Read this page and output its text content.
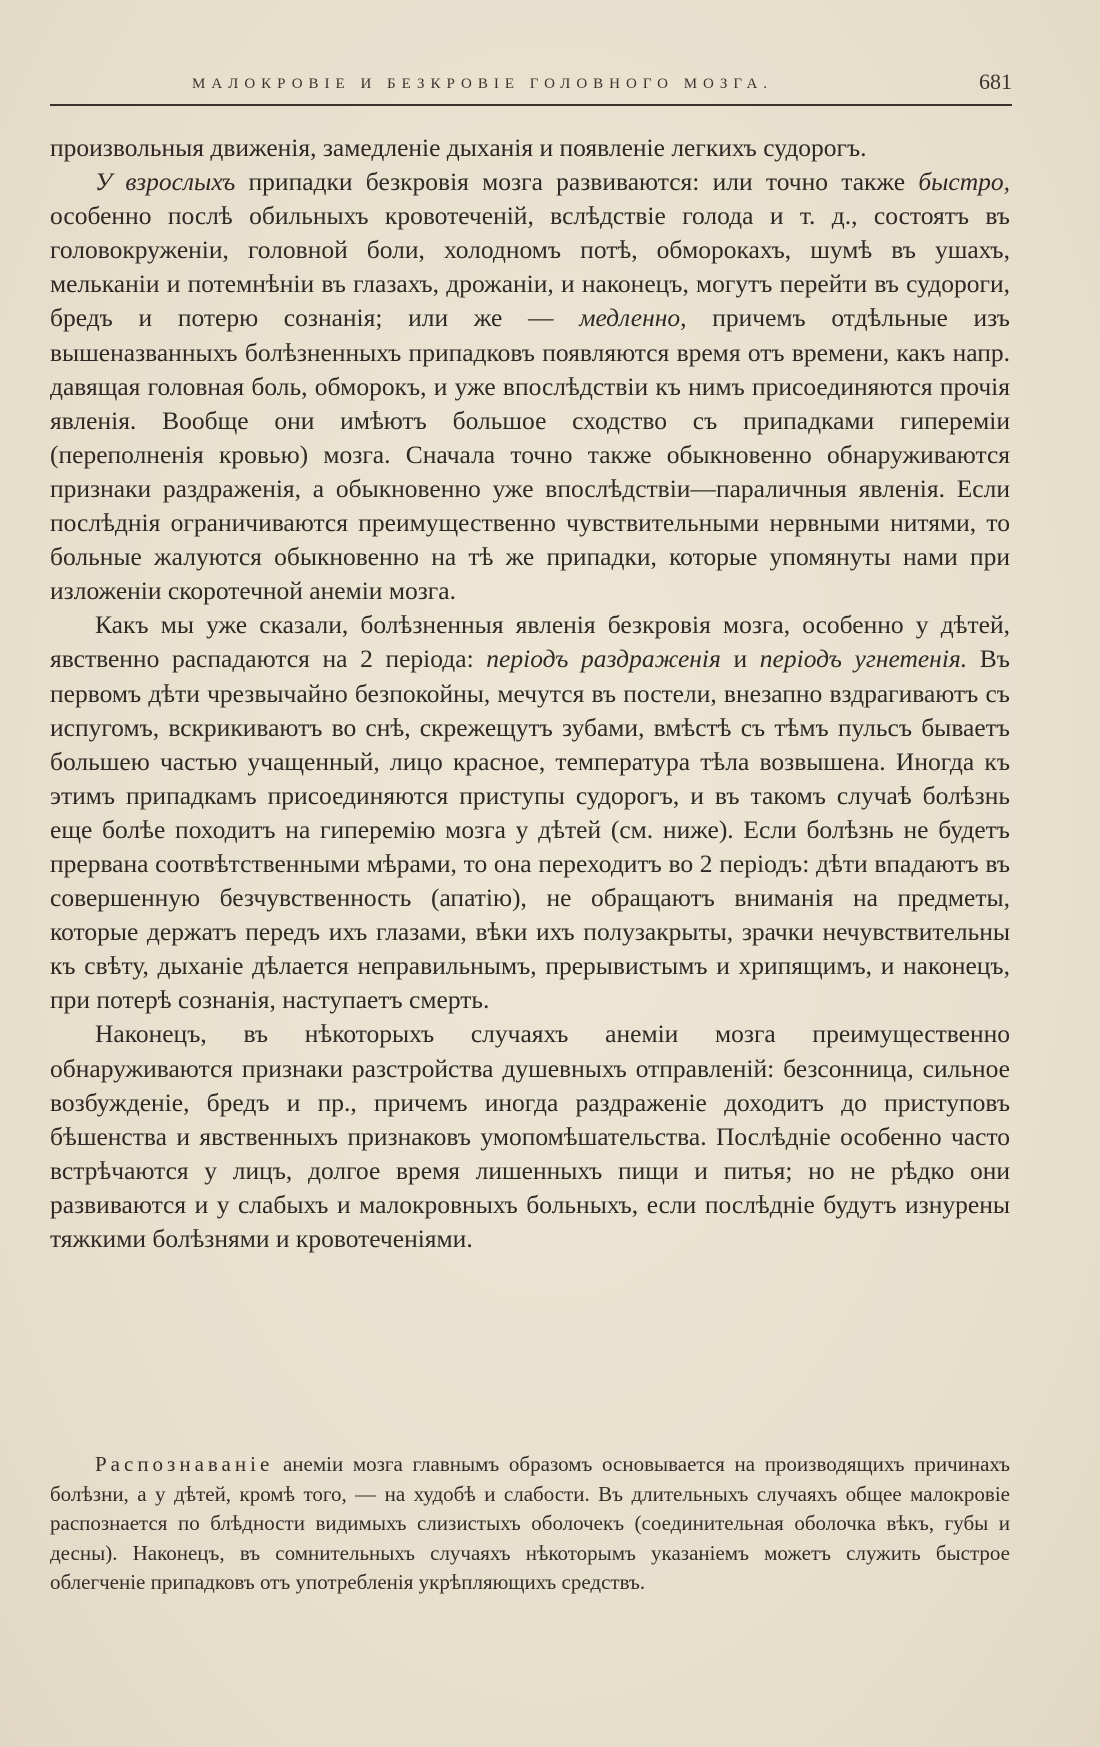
МАЛОКРОВІЕ И БЕЗКРОВІЕ ГОЛОВНОГО МОЗГА.	681

произвольныя движенія, замедленіе дыханія и появленіе легкихъ судорогъ.

У взрослыхъ припадки безкровія мозга развиваются: или точно также быстро, особенно послѣ обильныхъ кровотеченій, вслѣдствіе голода и т. д., состоятъ въ головокруженіи, головной боли, холодномъ потѣ, обморокахъ, шумѣ въ ушахъ, мельканіи и потемнѣніи въ глазахъ, дрожаніи, и наконецъ, могутъ перейти въ судороги, бредъ и потерю сознанія; или же — медленно, причемъ отдѣльные изъ вышеназванныхъ болѣзненныхъ припадковъ появляются время отъ времени, какъ напр. давящая головная боль, обморокъ, и уже впослѣдствіи къ нимъ присоединяются прочія явленія. Вообще они имѣютъ большое сходство съ припадками гипереміи (переполненія кровью) мозга. Сначала точно также обыкновенно обнаруживаются признаки раздраженія, а обыкновенно уже впослѣдствіи—параличныя явленія. Если послѣднія ограничиваются преимущественно чувствительными нервными нитями, то больные жалуются обыкновенно на тѣ же припадки, которые упомянуты нами при изложеніи скоротечной анеміи мозга.

Какъ мы уже сказали, болѣзненныя явленія безкровія мозга, особенно у дѣтей, явственно распадаются на 2 періода: періодъ раздраженія и періодъ угнетенія. Въ первомъ дѣти чрезвычайно безпокойны, мечутся въ постели, внезапно вздрагиваютъ съ испугомъ, вскрикиваютъ во снѣ, скрежещутъ зубами, вмѣстѣ съ тѣмъ пульсъ бываетъ большею частью учащенный, лицо красное, температура тѣла возвышена. Иногда къ этимъ припадкамъ присоединяются приступы судорогъ, и въ такомъ случаѣ болѣзнь еще болѣе походитъ на гиперемію мозга у дѣтей (см. ниже). Если болѣзнь не будетъ прервана соотвѣтственными мѣрами, то она переходитъ во 2 періодъ: дѣти впадаютъ въ совершенную безчувственность (апатію), не обращаютъ вниманія на предметы, которые держатъ передъ ихъ глазами, вѣки ихъ полузакрыты, зрачки нечувствительны къ свѣту, дыханіе дѣлается неправильнымъ, прерывистымъ и хрипящимъ, и наконецъ, при потерѣ сознанія, наступаетъ смерть.

Наконецъ, въ нѣкоторыхъ случаяхъ анеміи мозга преимущественно обнаруживаются признаки разстройства душевныхъ отправленій: безсонница, сильное возбужденіе, бредъ и пр., причемъ иногда раздраженіе доходитъ до приступовъ бѣшенства и явственныхъ признаковъ умопомѣшательства. Послѣдніе особенно часто встрѣчаются у лицъ, долгое время лишенныхъ пищи и питья; но не рѣдко они развиваются и у слабыхъ и малокровныхъ больныхъ, если послѣдніе будутъ изнурены тяжкими болѣзнями и кровотеченіями.

Распознаваніе анеміи мозга главнымъ образомъ основывается на производящихъ причинахъ болѣзни, а у дѣтей, кромѣ того, — на худобѣ и слабости. Въ длительныхъ случаяхъ общее малокровіе распознается по блѣдности видимыхъ слизистыхъ оболочекъ (соединительная оболочка вѣкъ, губы и десны). Наконецъ, въ сомнительныхъ случаяхъ нѣкоторымъ указаніемъ можетъ служить быстрое облегченіе припадковъ отъ употребленія укрѣпляющихъ средствъ.
